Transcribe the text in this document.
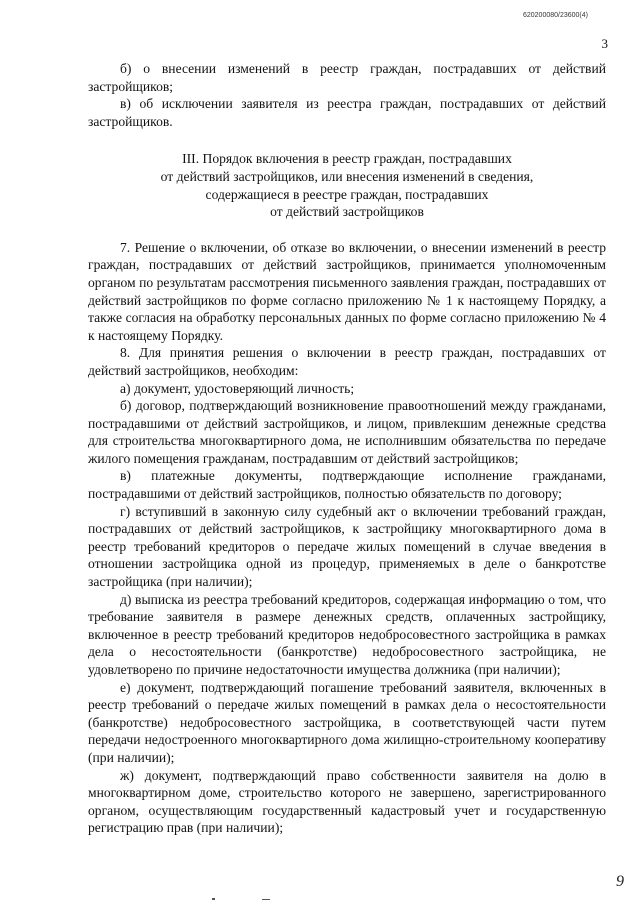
620200080/23600(4)
3

б) о внесении изменений в реестр граждан, пострадавших от действий застройщиков;

в) об исключении заявителя из реестра граждан, пострадавших от действий застройщиков.

III. Порядок включения в реестр граждан, пострадавших
от действий застройщиков, или внесения изменений в сведения,
содержащиеся в реестре граждан, пострадавших
от действий застройщиков

7. Решение о включении, об отказе во включении, о внесении изменений в реестр граждан, пострадавших от действий застройщиков, принимается уполномоченным органом по результатам рассмотрения письменного заявления граждан, пострадавших от действий застройщиков по форме согласно приложению № 1 к настоящему Порядку, а также согласия на обработку персональных данных по форме согласно приложению № 4 к настоящему Порядку.

8. Для принятия решения о включении в реестр граждан, пострадавших от действий застройщиков, необходим:

а) документ, удостоверяющий личность;

б) договор, подтверждающий возникновение правоотношений между гражданами, пострадавшими от действий застройщиков, и лицом, привлекшим денежные средства для строительства многоквартирного дома, не исполнившим обязательства по передаче жилого помещения гражданам, пострадавшим от действий застройщиков;

в) платежные документы, подтверждающие исполнение гражданами, пострадавшими от действий застройщиков, полностью обязательств по договору;

г) вступивший в законную силу судебный акт о включении требований граждан, пострадавших от действий застройщиков, к застройщику многоквартирного дома в реестр требований кредиторов о передаче жилых помещений в случае введения в отношении застройщика одной из процедур, применяемых в деле о банкротстве застройщика (при наличии);

д) выписка из реестра требований кредиторов, содержащая информацию о том, что требование заявителя в размере денежных средств, оплаченных застройщику, включенное в реестр требований кредиторов недобросовестного застройщика в рамках дела о несостоятельности (банкротстве) недобросовестного застройщика, не удовлетворено по причине недостаточности имущества должника (при наличии);

е) документ, подтверждающий погашение требований заявителя, включенных в реестр требований о передаче жилых помещений в рамках дела о несостоятельности (банкротстве) недобросовестного застройщика, в соответствующей части путем передачи недостроенного многоквартирного дома жилищно-строительному кооперативу (при наличии);

ж) документ, подтверждающий право собственности заявителя на долю в многоквартирном доме, строительство которого не завершено, зарегистрированного органом, осуществляющим государственный кадастровый учет и государственную регистрацию прав (при наличии);

9
